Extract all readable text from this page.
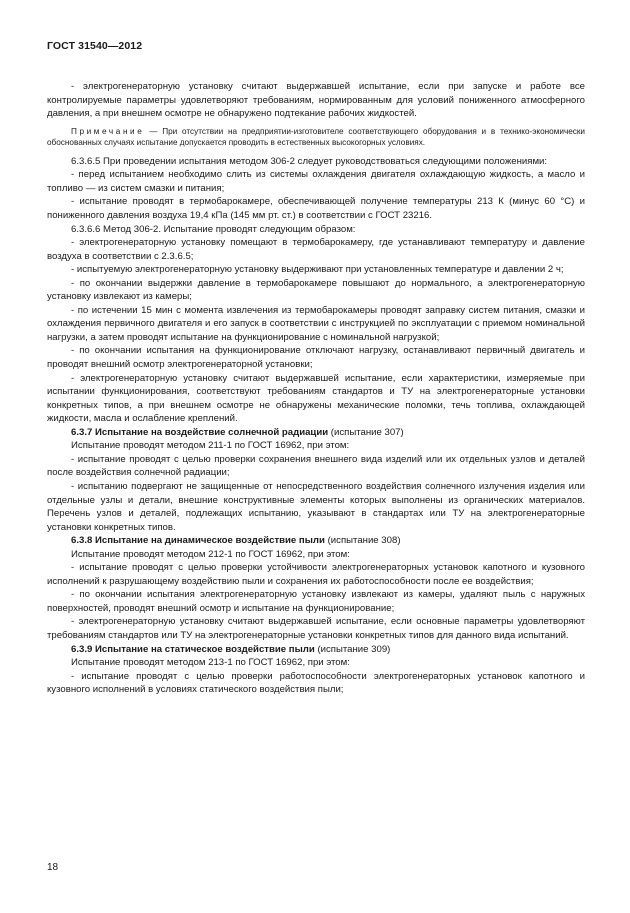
ГОСТ 31540—2012

- электрогенераторную установку считают выдержавшей испытание, если при запуске и работе все контролируемые параметры удовлетворяют требованиям, нормированным для условий пониженного атмосферного давления, а при внешнем осмотре не обнаружено подтекание рабочих жидкостей.

Примечание — При отсутствии на предприятии-изготовителе соответствующего оборудования и в технико-экономически обоснованных случаях испытание допускается проводить в естественных высокогорных условиях.

6.3.6.5 При проведении испытания методом 306-2 следует руководствоваться следующими положениями:

- перед испытанием необходимо слить из системы охлаждения двигателя охлаждающую жидкость, а масло и топливо — из систем смазки и питания;

- испытание проводят в термобарокамере, обеспечивающей получение температуры 213 К (минус 60 °С) и пониженного давления воздуха 19,4 кПа (145 мм рт. ст.) в соответствии с ГОСТ 23216.

6.3.6.6 Метод 306-2. Испытание проводят следующим образом:

- электрогенераторную установку помещают в термобарокамеру, где устанавливают температуру и давление воздуха в соответствии с 2.3.6.5;

- испытуемую электрогенераторную установку выдерживают при установленных температуре и давлении 2 ч;

- по окончании выдержки давление в термобарокамере повышают до нормального, а электрогенераторную установку извлекают из камеры;

- по истечении 15 мин с момента извлечения из термобарокамеры проводят заправку систем питания, смазки и охлаждения первичного двигателя и его запуск в соответствии с инструкцией по эксплуатации с приемом номинальной нагрузки, а затем проводят испытание на функционирование с номинальной нагрузкой;

- по окончании испытания на функционирование отключают нагрузку, останавливают первичный двигатель и проводят внешний осмотр электрогенераторной установки;

- электрогенераторную установку считают выдержавшей испытание, если характеристики, измеряемые при испытании функционирования, соответствуют требованиям стандартов и ТУ на электрогенераторные установки конкретных типов, а при внешнем осмотре не обнаружены механические поломки, течь топлива, охлаждающей жидкости, масла и ослабление креплений.

6.3.7 Испытание на воздействие солнечной радиации (испытание 307)

Испытание проводят методом 211-1 по ГОСТ 16962, при этом:

- испытание проводят с целью проверки сохранения внешнего вида изделий или их отдельных узлов и деталей после воздействия солнечной радиации;

- испытанию подвергают не защищенные от непосредственного воздействия солнечного излучения изделия или отдельные узлы и детали, внешние конструктивные элементы которых выполнены из органических материалов. Перечень узлов и деталей, подлежащих испытанию, указывают в стандартах или ТУ на электрогенераторные установки конкретных типов.

6.3.8 Испытание на динамическое воздействие пыли (испытание 308)

Испытание проводят методом 212-1 по ГОСТ 16962, при этом:

- испытание проводят с целью проверки устойчивости электрогенераторных установок капотного и кузовного исполнений к разрушающему воздействию пыли и сохранения их работоспособности после ее воздействия;

- по окончании испытания электрогенераторную установку извлекают из камеры, удаляют пыль с наружных поверхностей, проводят внешний осмотр и испытание на функционирование;

- электрогенераторную установку считают выдержавшей испытание, если основные параметры удовлетворяют требованиям стандартов или ТУ на электрогенераторные установки конкретных типов для данного вида испытаний.

6.3.9 Испытание на статическое воздействие пыли (испытание 309)

Испытание проводят методом 213-1 по ГОСТ 16962, при этом:

- испытание проводят с целью проверки работоспособности электрогенераторных установок капотного и кузовного исполнений в условиях статического воздействия пыли;

18
